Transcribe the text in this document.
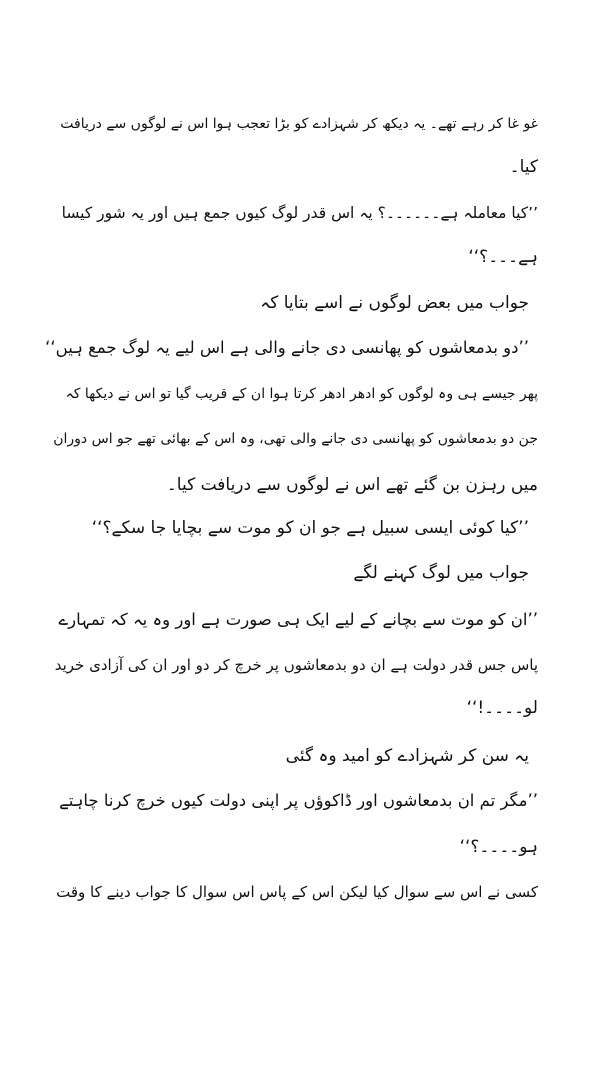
غو غا کر رہے تھے۔ یہ دیکھ کر شہزادے کو بڑا تعجب ہوا اس نے لوگوں سے دریافت
کیا۔
’’کیا معاملہ ہے۔۔۔۔۔۔؟ یہ اس قدر لوگ کیوں جمع ہیں اور یہ شور کیسا
ہے۔۔۔؟‘‘
جواب میں بعض لوگوں نے اسے بتایا کہ
’’دو بدمعاشوں کو پھانسی دی جانے والی ہے اس لیے یہ لوگ جمع ہیں‘‘
پھر جیسے ہی وہ لوگوں کو ادھر ادھر کرتا ہوا ان کے قریب گیا تو اس نے دیکھا کہ
جن دو بدمعاشوں کو پھانسی دی جانے والی تھی، وہ اس کے بھائی تھے جو اس دوران
میں رہزن بن گئے تھے اس نے لوگوں سے دریافت کیا۔
’’کیا کوئی ایسی سبیل ہے جو ان کو موت سے بچایا جا سکے؟‘‘
جواب میں لوگ کہنے لگے
’’ان کو موت سے بچانے کے لیے ایک ہی صورت ہے اور وہ یہ کہ تمہارے
پاس جس قدر دولت ہے ان دو بدمعاشوں پر خرچ کر دو اور ان کی آزادی خرید
لو۔۔۔۔!‘‘
یہ سن کر شہزادے کو امید وہ گئی
’’مگر تم ان بدمعاشوں اور ڈاکوؤں پر اپنی دولت کیوں خرچ کرنا چاہتے
ہو۔۔۔۔؟‘‘
کسی نے اس سے سوال کیا لیکن اس کے پاس اس سوال کا جواب دینے کا وقت
